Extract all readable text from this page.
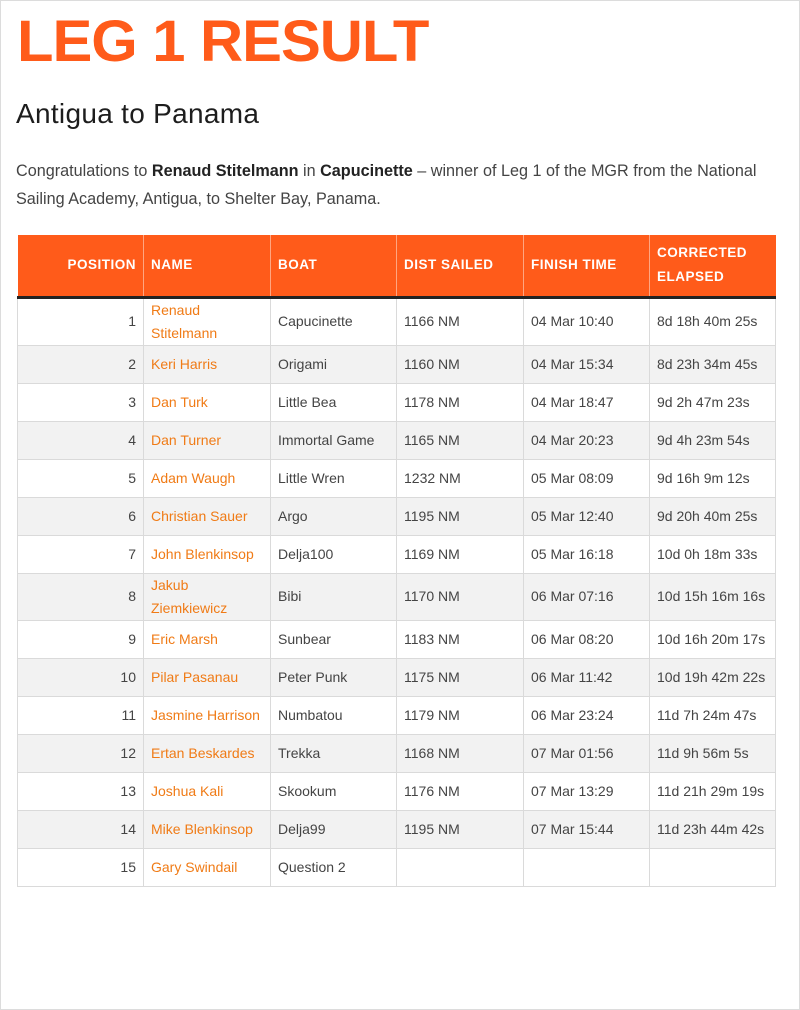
LEG 1 RESULT
Antigua to Panama

Congratulations to Renaud Stitelmann in Capucinette – winner of Leg 1 of the MGR from the National Sailing Academy, Antigua, to Shelter Bay, Panama.

POSITION	NAME	BOAT	DIST SAILED	FINISH TIME	CORRECTED ELAPSED
1	Renaud Stitelmann	Capucinette	1166 NM	04 Mar 10:40	8d 18h 40m 25s
2	Keri Harris	Origami	1160 NM	04 Mar 15:34	8d 23h 34m 45s
3	Dan Turk	Little Bea	1178 NM	04 Mar 18:47	9d 2h 47m 23s
4	Dan Turner	Immortal Game	1165 NM	04 Mar 20:23	9d 4h 23m 54s
5	Adam Waugh	Little Wren	1232 NM	05 Mar 08:09	9d 16h 9m 12s
6	Christian Sauer	Argo	1195 NM	05 Mar 12:40	9d 20h 40m 25s
7	John Blenkinsop	Delja100	1169 NM	05 Mar 16:18	10d 0h 18m 33s
8	Jakub Ziemkiewicz	Bibi	1170 NM	06 Mar 07:16	10d 15h 16m 16s
9	Eric Marsh	Sunbear	1183 NM	06 Mar 08:20	10d 16h 20m 17s
10	Pilar Pasanau	Peter Punk	1175 NM	06 Mar 11:42	10d 19h 42m 22s
11	Jasmine Harrison	Numbatou	1179 NM	06 Mar 23:24	11d 7h 24m 47s
12	Ertan Beskardes	Trekka	1168 NM	07 Mar 01:56	11d 9h 56m 5s
13	Joshua Kali	Skookum	1176 NM	07 Mar 13:29	11d 21h 29m 19s
14	Mike Blenkinsop	Delja99	1195 NM	07 Mar 15:44	11d 23h 44m 42s
15	Gary Swindail	Question 2			
